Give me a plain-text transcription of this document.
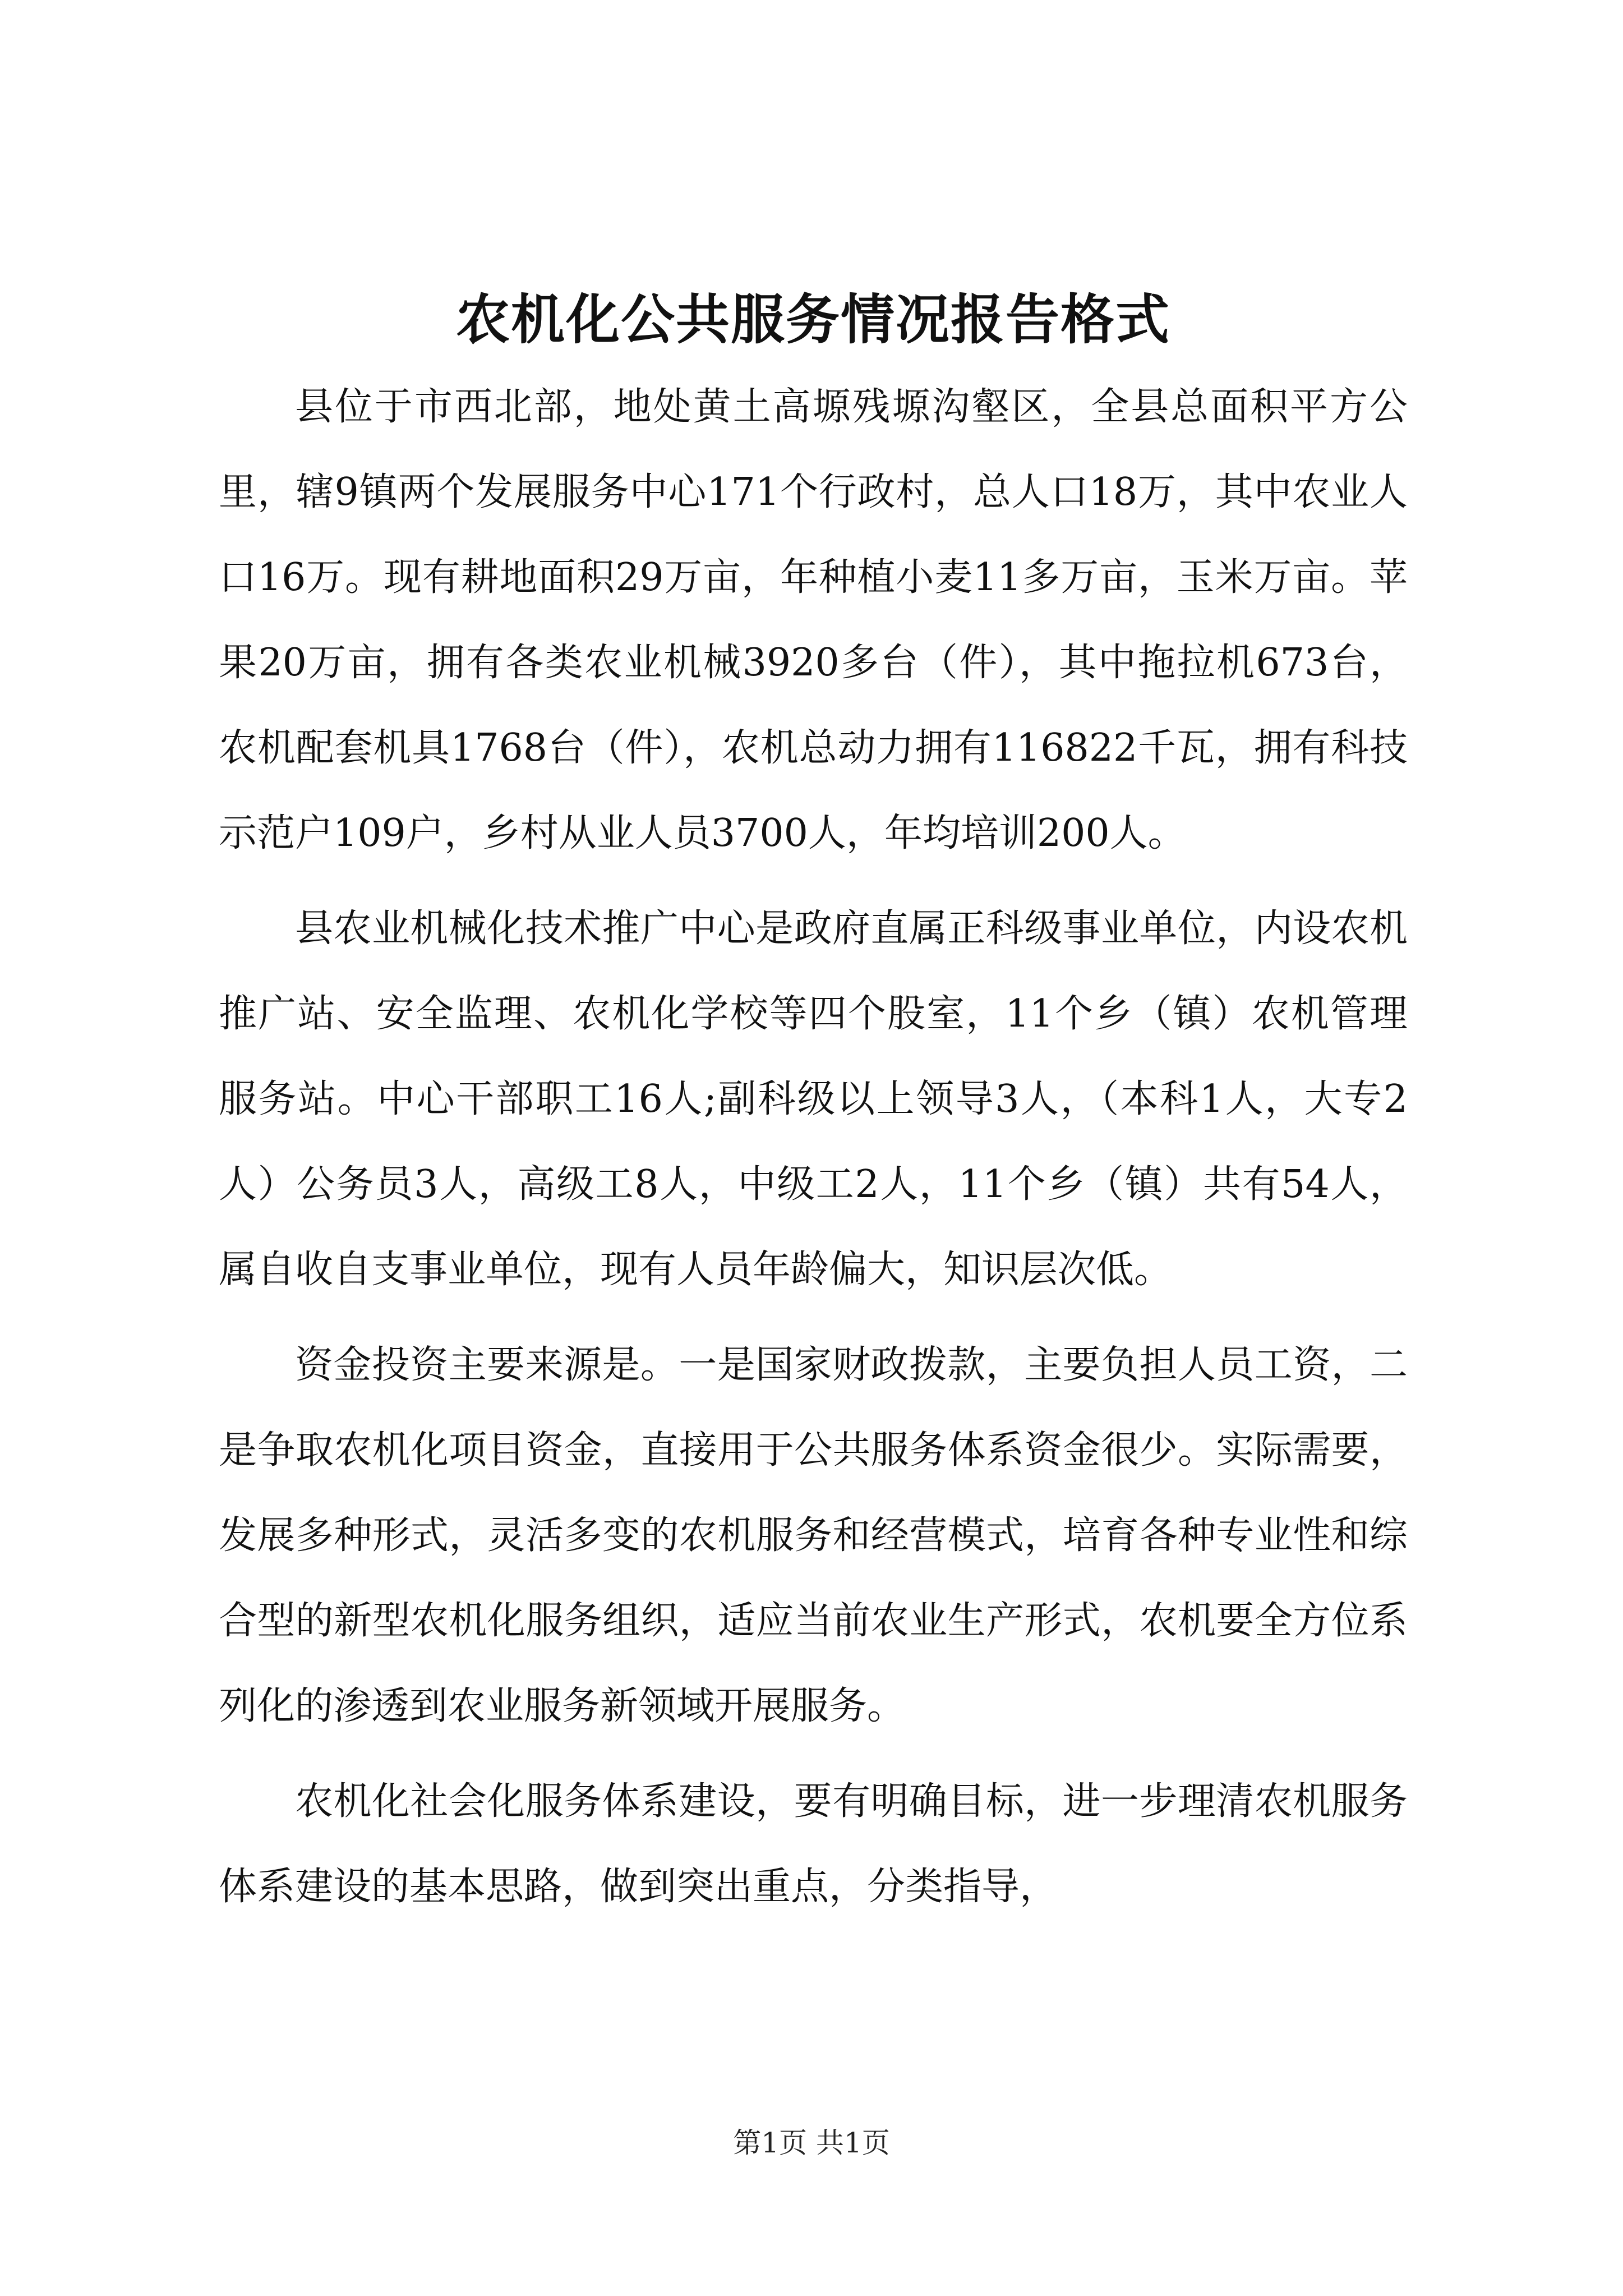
农机化公共服务情况报告格式

县位于市西北部，地处黄土高塬残塬沟壑区，全县总面积平方公里，辖9镇两个发展服务中心171个行政村，总人口18万，其中农业人口16万。现有耕地面积29万亩，年种植小麦11多万亩，玉米万亩。苹果20万亩，拥有各类农业机械3920多台（件），其中拖拉机673台，农机配套机具1768台（件），农机总动力拥有116822千瓦，拥有科技示范户109户，乡村从业人员3700人，年均培训200人。

县农业机械化技术推广中心是政府直属正科级事业单位，内设农机推广站、安全监理、农机化学校等四个股室，11个乡（镇）农机管理服务站。中心干部职工16人;副科级以上领导3人，（本科1人，大专2人）公务员3人，高级工8人，中级工2人，11个乡（镇）共有54人，属自收自支事业单位，现有人员年龄偏大，知识层次低。

资金投资主要来源是。一是国家财政拨款，主要负担人员工资，二是争取农机化项目资金，直接用于公共服务体系资金很少。实际需要，发展多种形式，灵活多变的农机服务和经营模式，培育各种专业性和综合型的新型农机化服务组织，适应当前农业生产形式，农机要全方位系列化的渗透到农业服务新领域开展服务。

农机化社会化服务体系建设，要有明确目标，进一步理清农机服务体系建设的基本思路，做到突出重点，分类指导，

第1页 共1页
